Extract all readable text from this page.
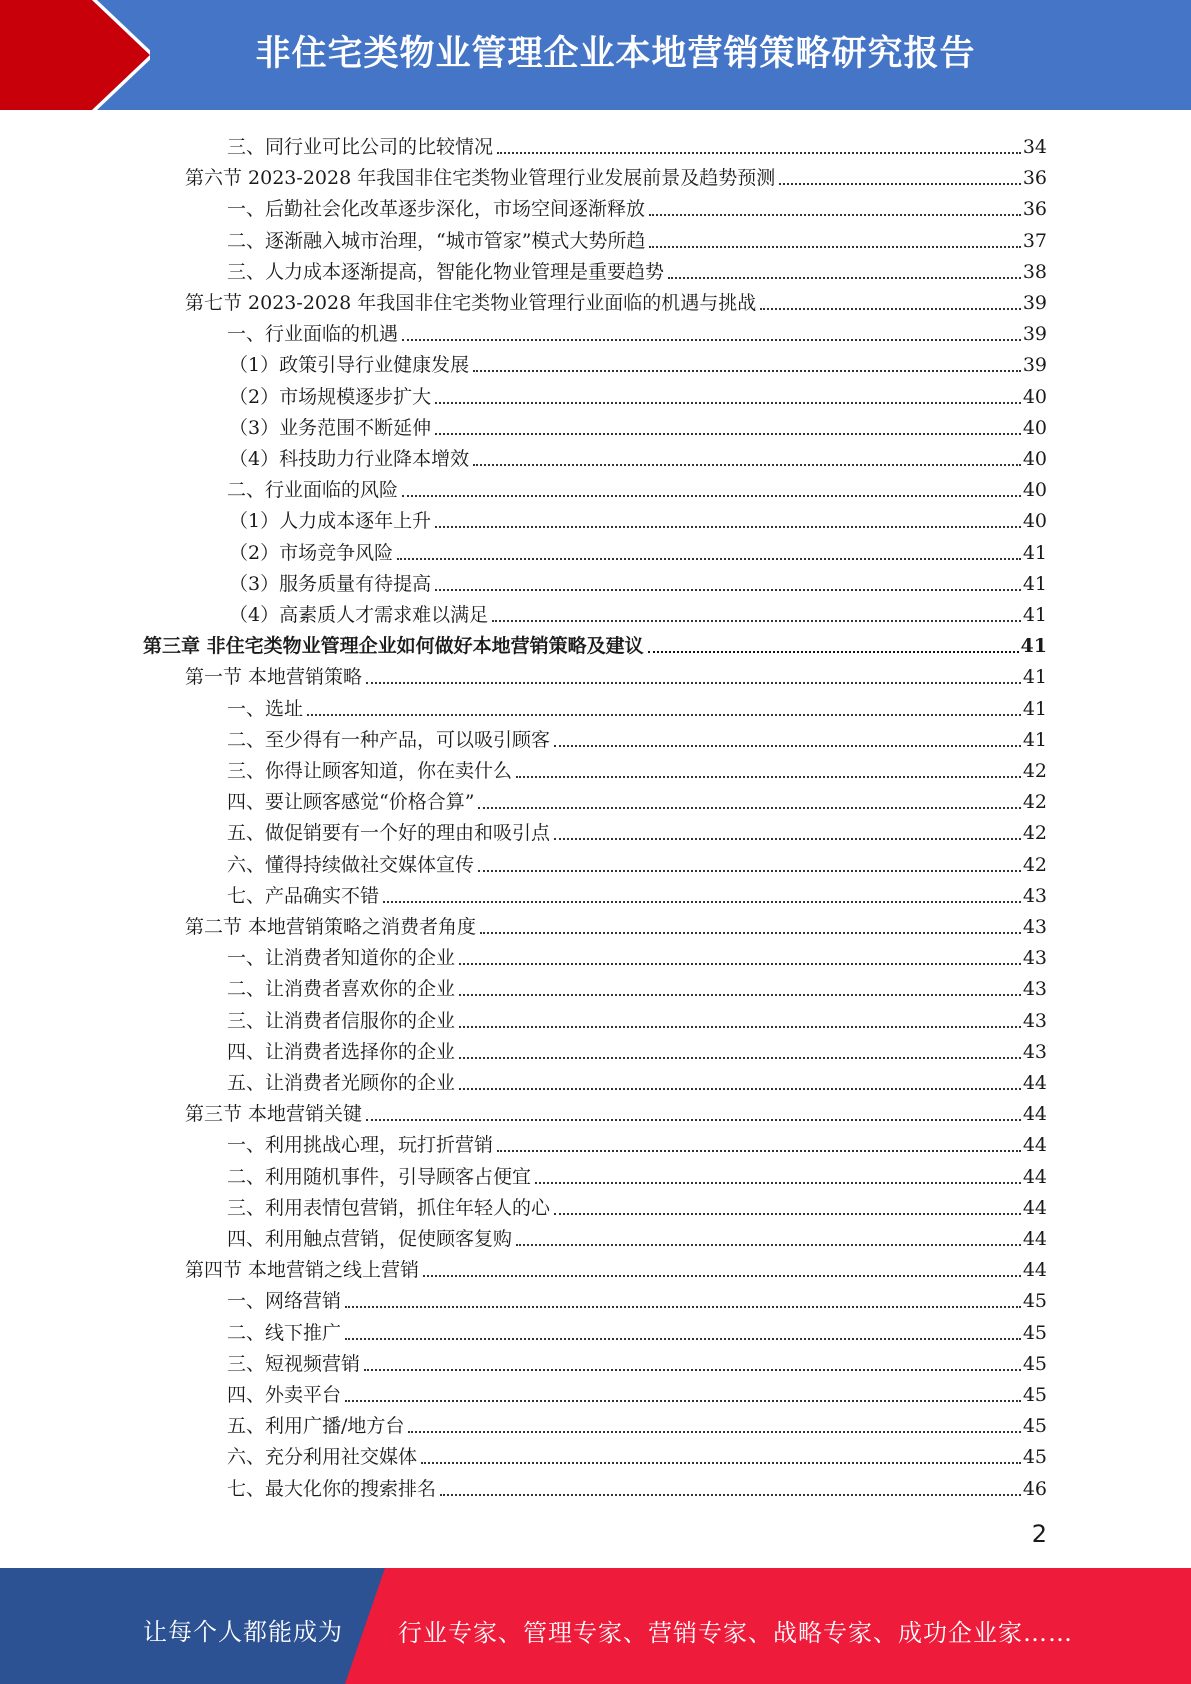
非住宅类物业管理企业本地营销策略研究报告
三、同行业可比公司的比较情况	34
第六节 2023-2028 年我国非住宅类物业管理行业发展前景及趋势预测	36
一、后勤社会化改革逐步深化，市场空间逐渐释放	36
二、逐渐融入城市治理，“城市管家”模式大势所趋	37
三、人力成本逐渐提高，智能化物业管理是重要趋势	38
第七节 2023-2028 年我国非住宅类物业管理行业面临的机遇与挑战	39
一、行业面临的机遇	39
（1）政策引导行业健康发展	39
（2）市场规模逐步扩大	40
（3）业务范围不断延伸	40
（4）科技助力行业降本增效	40
二、行业面临的风险	40
（1）人力成本逐年上升	40
（2）市场竞争风险	41
（3）服务质量有待提高	41
（4）高素质人才需求难以满足	41
第三章 非住宅类物业管理企业如何做好本地营销策略及建议	41
第一节 本地营销策略	41
一、选址	41
二、至少得有一种产品，可以吸引顾客	41
三、你得让顾客知道，你在卖什么	42
四、要让顾客感觉“价格合算”	42
五、做促销要有一个好的理由和吸引点	42
六、懂得持续做社交媒体宣传	42
七、产品确实不错	43
第二节 本地营销策略之消费者角度	43
一、让消费者知道你的企业	43
二、让消费者喜欢你的企业	43
三、让消费者信服你的企业	43
四、让消费者选择你的企业	43
五、让消费者光顾你的企业	44
第三节 本地营销关键	44
一、利用挑战心理，玩打折营销	44
二、利用随机事件，引导顾客占便宜	44
三、利用表情包营销，抓住年轻人的心	44
四、利用触点营销，促使顾客复购	44
第四节 本地营销之线上营销	44
一、网络营销	45
二、线下推广	45
三、短视频营销	45
四、外卖平台	45
五、利用广播/地方台	45
六、充分利用社交媒体	45
七、最大化你的搜索排名	46
2
让每个人都能成为 行业专家、管理专家、营销专家、战略专家、成功企业家……
